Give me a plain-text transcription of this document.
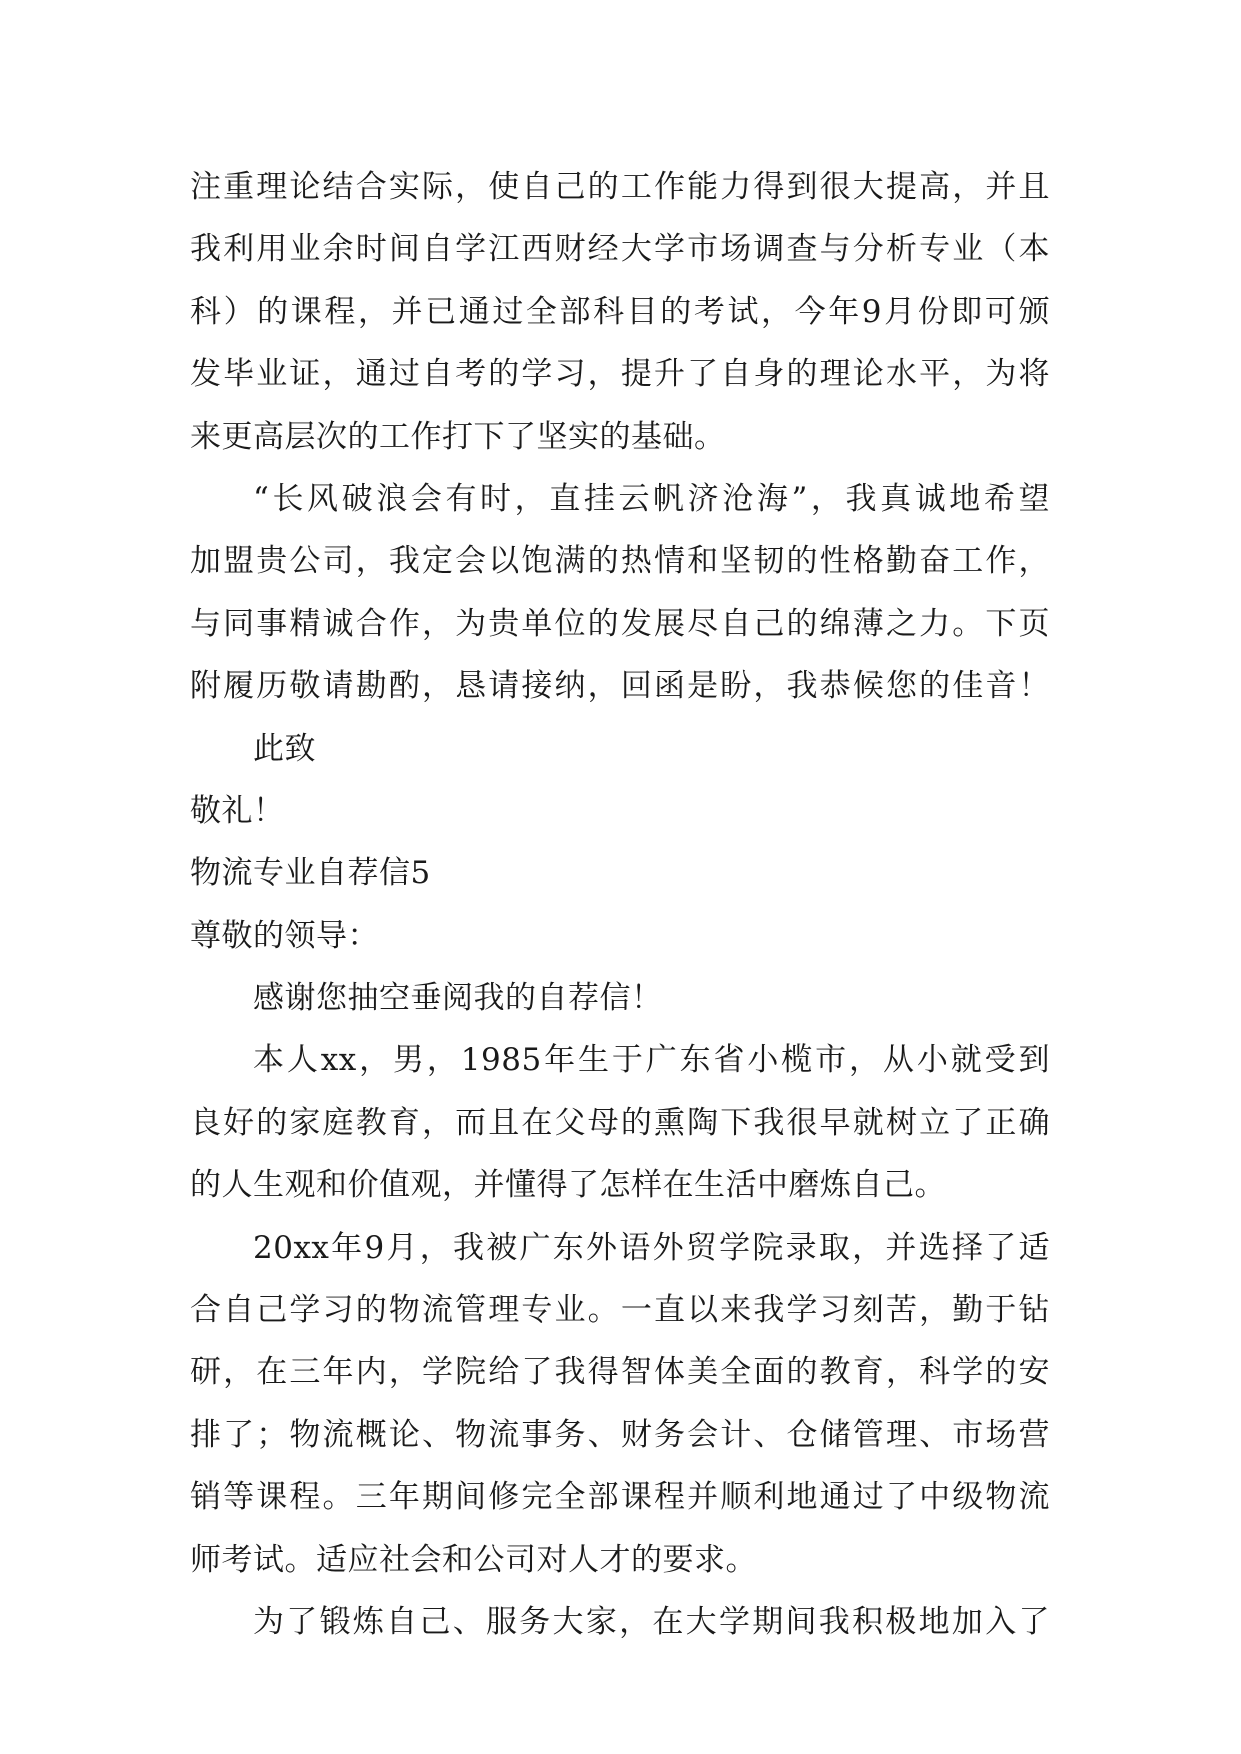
注重理论结合实际，使自己的工作能力得到很大提高，并且
我利用业余时间自学江西财经大学市场调查与分析专业（本
科）的课程，并已通过全部科目的考试，今年9月份即可颁
发毕业证，通过自考的学习，提升了自身的理论水平，为将
来更高层次的工作打下了坚实的基础。
“长风破浪会有时，直挂云帆济沧海”，我真诚地希望
加盟贵公司，我定会以饱满的热情和坚韧的性格勤奋工作，
与同事精诚合作，为贵单位的发展尽自己的绵薄之力。下页
附履历敬请勘酌，恳请接纳，回函是盼，我恭候您的佳音！
此致
敬礼！
物流专业自荐信5
尊敬的领导：
感谢您抽空垂阅我的自荐信！
本人xx，男，1985年生于广东省小榄市，从小就受到
良好的家庭教育，而且在父母的熏陶下我很早就树立了正确
的人生观和价值观，并懂得了怎样在生活中磨炼自己。
20xx年9月，我被广东外语外贸学院录取，并选择了适
合自己学习的物流管理专业。一直以来我学习刻苦，勤于钻
研，在三年内，学院给了我得智体美全面的教育，科学的安
排了；物流概论、物流事务、财务会计、仓储管理、市场营
销等课程。三年期间修完全部课程并顺利地通过了中级物流
师考试。适应社会和公司对人才的要求。
为了锻炼自己、服务大家，在大学期间我积极地加入了
